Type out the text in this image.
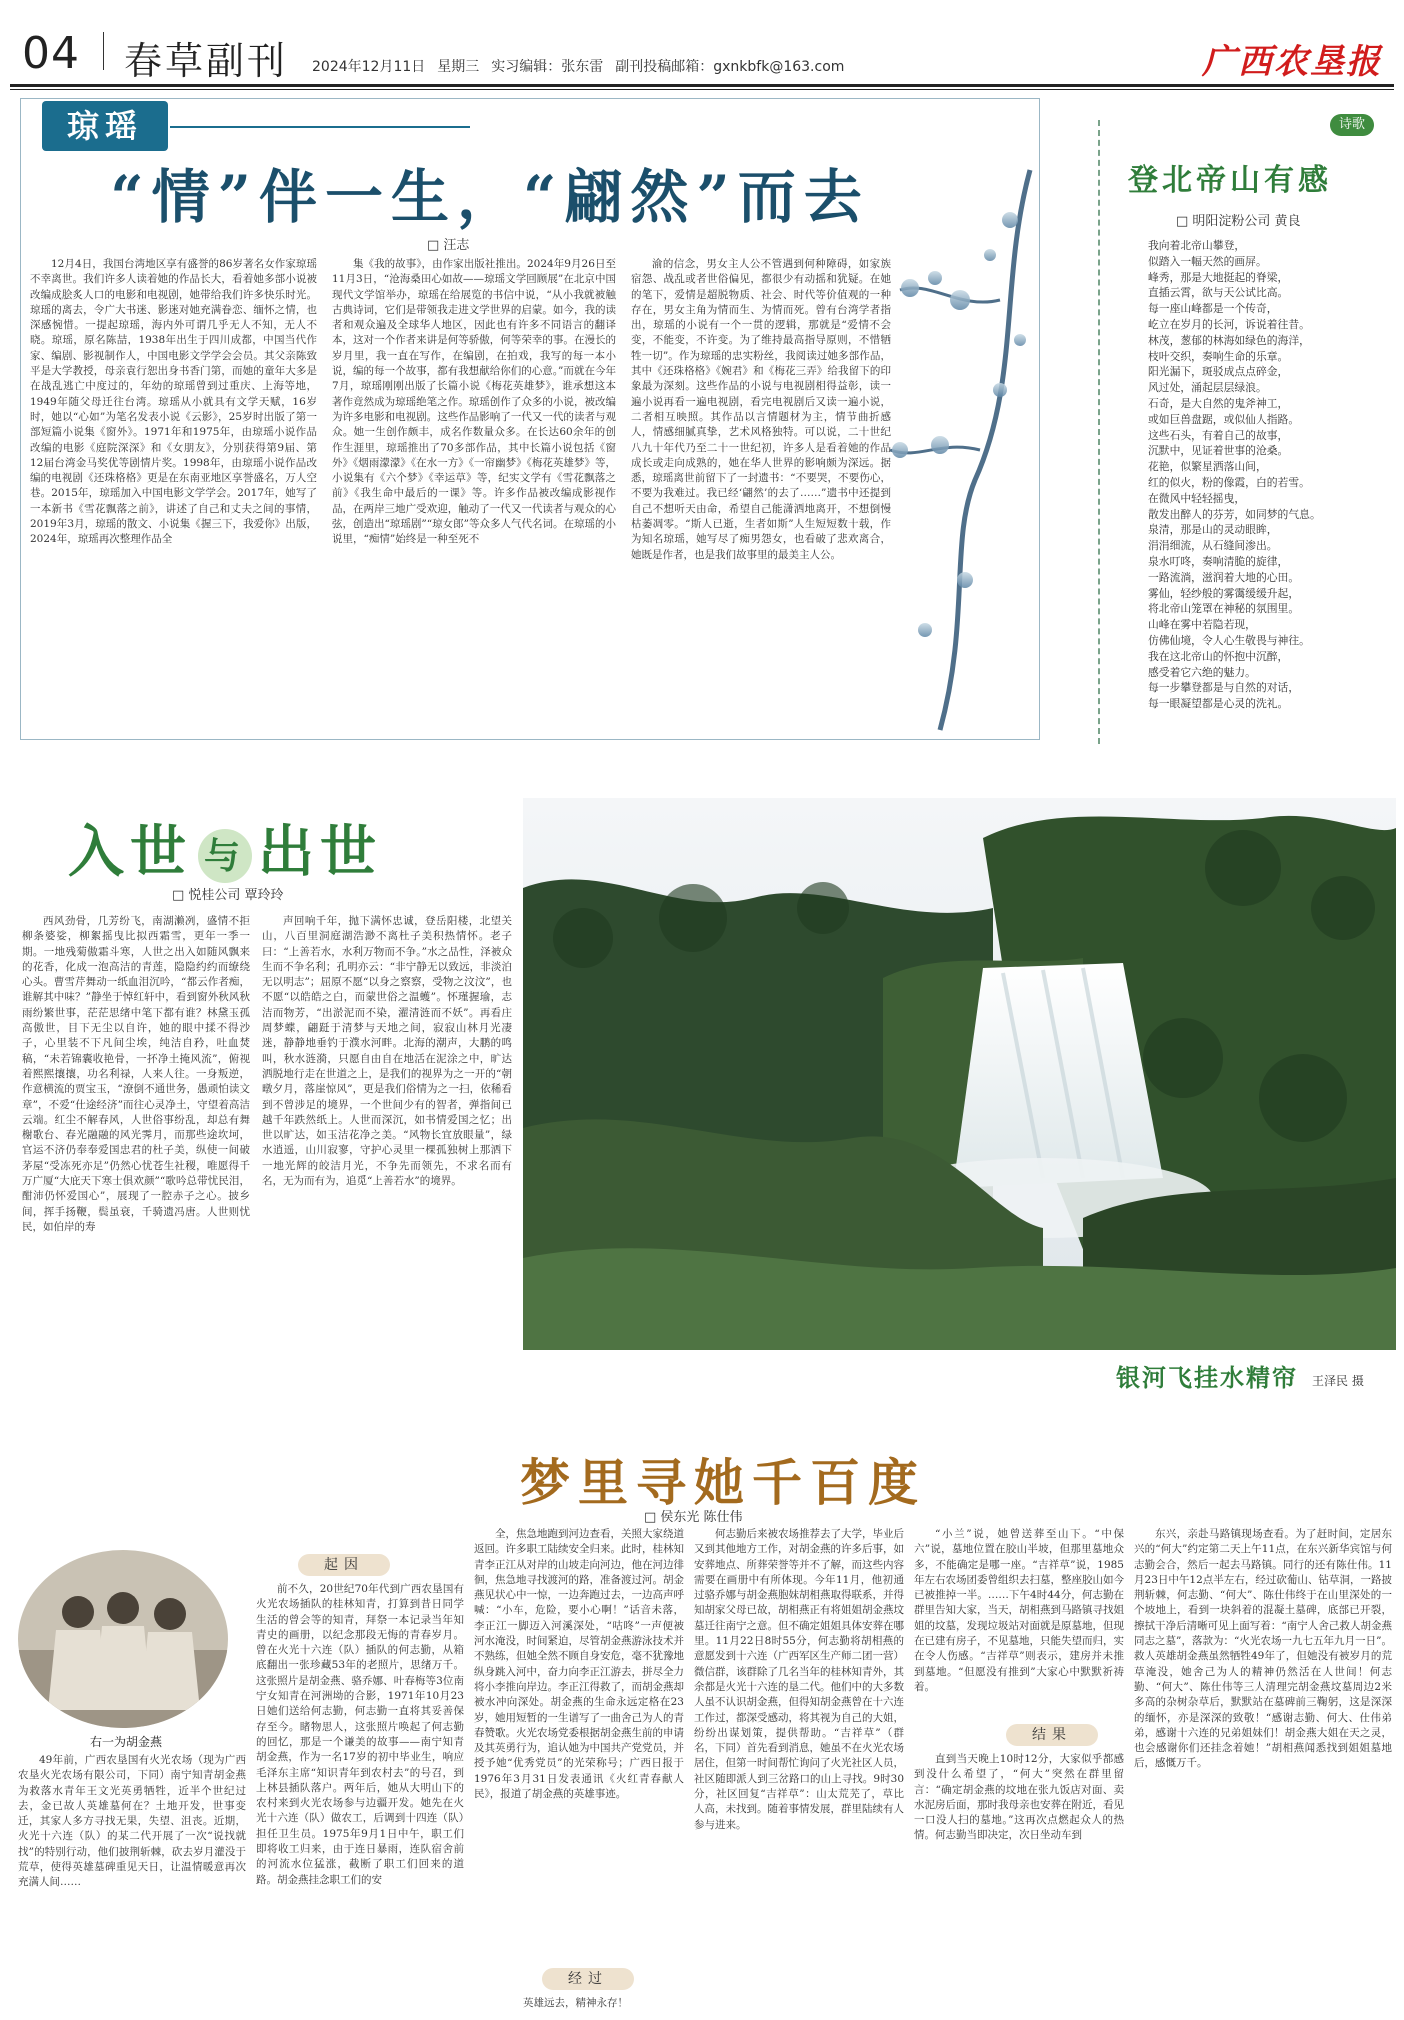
04 春草副刊 2024年12月11日 星期三 实习编辑：张东雷 副刊投稿邮箱：gxnkbfk@163.com	广西农垦报
琼瑶
“情”伴一生，“翩然”而去
□ 汪志

12月4日，我国台湾地区享有盛誉的86岁著名女作家琼瑶不幸离世。我们许多人读着她的作品长大，看着她多部小说被改编成脍炙人口的电影和电视剧，她带给我们许多快乐时光。琼瑶的离去，令广大书迷、影迷对她充满眷恋、缅怀之情，也深感惋惜。一提起琼瑶，海内外可谓几乎无人不知，无人不晓。琼瑶，原名陈喆，1938年出生于四川成都，中国当代作家、编剧、影视制作人，中国电影文学学会会员。其父亲陈致平是大学教授，母亲袁行恕出身书香门第，而她的童年大多是在战乱逃亡中度过的，年幼的琼瑶曾到过重庆、上海等地，1949年随父母迁往台湾。琼瑶从小就具有文学天赋，16岁时，她以“心如”为笔名发表小说《云影》，25岁时出版了第一部短篇小说集《窗外》。1971年和1975年，由琼瑶小说作品改编的电影《庭院深深》和《女朋友》，分别获得第9届、第12届台湾金马奖优等剧情片奖。1998年，由琼瑶小说作品改编的电视剧《还珠格格》更是在东南亚地区享誉盛名，万人空巷。2015年，琼瑶加入中国电影文学学会。2017年，她写了一本新书《雪花飘落之前》，讲述了自己和丈夫之间的事情，2019年3月，琼瑶的散文、小说集《握三下，我爱你》出版，2024年，琼瑶再次整理作品全

集《我的故事》，由作家出版社推出。2024年9月26日至11月3日，“沧海桑田心如故——琼瑶文学回顾展”在北京中国现代文学馆举办，琼瑶在给展览的书信中说，“从小我就被触古典诗词，它们是带领我走进文学世界的启蒙。如今，我的读者和观众遍及全球华人地区，因此也有许多不同语言的翻译本，这对一个作者来讲是何等骄傲，何等荣幸的事。在漫长的岁月里，我一直在写作，在编剧，在拍戏，我写的每一本小说，编的每一个故事，都有我想献给你们的心意。”而就在今年7月，琼瑶刚刚出版了长篇小说《梅花英雄梦》，谁承想这本著作竟然成为琼瑶绝笔之作。琼瑶创作了众多的小说，被改编为许多电影和电视剧。这些作品影响了一代又一代的读者与观众。她一生创作颇丰，成名作数量众多。在长达60余年的创作生涯里，琼瑶推出了70多部作品，其中长篇小说包括《窗外》《烟雨濛濛》《在水一方》《一帘幽梦》《梅花英雄梦》等，小说集有《六个梦》《幸运草》等，纪实文学有《雪花飘落之前》《我生命中最后的一课》等。许多作品被改编成影视作品，在两岸三地广受欢迎，触动了一代又一代读者与观众的心弦，创造出“琼瑶剧”“琼女郎”等众多人气代名词。在琼瑶的小说里，“痴情”始终是一种至死不

渝的信念，男女主人公不管遇到何种障碍，如家族宿怨、战乱或者世俗偏见，都很少有动摇和犹疑。在她的笔下，爱情是超脱物质、社会、时代等价值观的一种存在，男女主角为情而生、为情而死。曾有台湾学者指出，琼瑶的小说有一个一贯的逻辑，那就是“爱情不会变，不能变，不许变。为了维持最高指导原则，不惜牺牲一切”。作为琼瑶的忠实粉丝，我阅读过她多部作品，其中《还珠格格》《婉君》和《梅花三弄》给我留下的印象最为深刻。这些作品的小说与电视剧相得益彰，读一遍小说再看一遍电视剧，看完电视剧后又读一遍小说，二者相互映照。其作品以言情题材为主，情节曲折感人，情感细腻真挚，艺术风格独特。可以说，二十世纪八九十年代乃至二十一世纪初，许多人是看着她的作品成长或走向成熟的，她在华人世界的影响颇为深远。据悉，琼瑶离世前留下了一封遗书：“不要哭，不要伤心，不要为我难过。我已经‘翩然’的去了……”遗书中还提到自己不想听天由命，希望自己能潇洒地离开，不想倒慢枯萎凋零。“斯人已逝，生者如斯”人生短短数十载，作为知名琼瑶，她写尽了痴男怨女，也看破了悲欢离合，她既是作者，也是我们故事里的最美主人公。

诗歌
登北帝山有感
□ 明阳淀粉公司 黄良
我向着北帝山攀登，
似踏入一幅天然的画屏。
峰秀，那是大地挺起的脊梁，
直插云霄，欲与天公试比高。
每一座山峰都是一个传奇，
屹立在岁月的长河，诉说着往昔。
林茂，葱郁的林海如绿色的海洋，
枝叶交织，奏响生命的乐章。
阳光漏下，斑驳成点点碎金，
风过处，涌起层层绿浪。
石奇，是大自然的鬼斧神工，
或如巨兽盘踞，或似仙人指路。
这些石头，有着自己的故事，
沉默中，见证着世事的沧桑。
花艳，似繁星洒落山间，
红的似火，粉的像霞，白的若雪。
在微风中轻轻摇曳，
散发出醉人的芬芳，如同梦的气息。
泉清，那是山的灵动眼眸，
涓涓细流，从石缝间渗出。
泉水叮咚，奏响清脆的旋律，
一路流淌，滋润着大地的心田。
雾仙，轻纱般的雾霭缓缓升起，
将北帝山笼罩在神秘的氛围里。
山峰在雾中若隐若现，
仿佛仙境，令人心生敬畏与神往。
我在这北帝山的怀抱中沉醉，
感受着它六绝的魅力。
每一步攀登都是与自然的对话，
每一眼凝望都是心灵的洗礼。
入世 与 出世
□ 悦桂公司 覃玲玲

西风劲骨，几芳纷飞，南湖濑冽，盛情不拒柳条婆娑，柳絮摇曳比拟西霜雪，更年一季一期。一地残菊傲霜斗寒，人世之出入如随风飘来的花香，化成一泡高洁的青莲，隐隐约约而缭绕心头。曹雪芹舞动一纸血泪沉吟，“都云作者痴，谁解其中味？”静坐于悼红轩中，看到窗外秋风秋雨纷繁世事，茫茫思绪中笔下都有谁？林黛玉孤高傲世，目下无尘以自许，她的眼中揉不得沙子，心里装不下凡间尘埃，纯洁自矜，吐血焚稿，“未若锦囊收艳骨，一抔净土掩风流”，俯视着熙熙攘攘，功名利禄，人来人往。一身叛逆，作意横流的贾宝玉，“潦倒不通世务，愚顽怕读文章”，不爱“仕途经济”而往心灵净土，守望着高洁云端。红尘不解春风，人世俗事纷乱，却总有舞榭歌台、春光融融的风光霁月，而那些途坎坷，官运不济仍奉奉爱国忠君的杜子美，纵使一间破茅屋“受冻死亦足”仍然心忧苍生社稷，唯愿得千万广厦“大庇天下寒士俱欢颜”“歌吟总带忧民泪，酣沛仍怀爱国心”，展现了一腔赤子之心。披乡间，挥手扬鞭，鬓虽衰，千骑遗冯唐。人世则忧民，如伯岸的寿

声回响千年，抛下满怀忠诚，登岳阳楼，北望关山，八百里洞庭湖浩渺不离杜子美积热情怀。老子曰：“上善若水，水利万物而不争。”水之品性，泽被众生而不争名利；孔明亦云：“非宁静无以致远，非淡泊无以明志”；屈原不愿“以身之察察，受物之汶汶”，也不愿“以皓皓之白，而蒙世俗之温蠖”。怀瑾握瑜，志洁而物芳，“出淤泥而不染，濯清涟而不妖”。再看庄周梦蝶，翩跹于清梦与天地之间，寂寂山林月光凄迷，静静地垂钓于濮水河畔。北海的潮声，大鹏的鸣叫，秋水涟漪，只愿自由自在地活在泥涂之中，旷达洒脱地行走在世道之上，是我们的视界为之一开的“朝暾夕月，落崖惊风”，更是我们俗情为之一扫，依稀看到不曾涉足的境界，一个世间少有的智者，弹指间已越千年跌然纸上。人世而深沉，如书情爱国之忆；出世以旷达，如玉洁花净之美。“风物长宜放眼量”，绿水逍遥，山川寂寥，守护心灵里一棵孤独树上那洒下一地光辉的皎洁月光，不争先而领先，不求名而有名，无为而有为，追觅“上善若水”的境界。

银河飞挂水精帘 王泽民 摄
梦里寻她千百度
□ 侯东光 陈仕伟
右一为胡金燕

49年前，广西农垦国有火光农场（现为广西农垦火光农场有限公司，下同）南宁知青胡金燕为救落水青年王文光英勇牺牲，近半个世纪过去，金已故人英雄墓何在？土地开发，世事变迁，其家人多方寻找无果，失望、沮丧。近期，火光十六连（队）的某二代开展了一次“说找就找”的特别行动，他们披荆斩棘，砍去岁月灌没于荒草，使得英雄墓碑重见天日，让温情暖意再次充满人间……

起因

前不久，20世纪70年代到广西农垦国有火光农场插队的桂林知青，打算到昔日同学生活的曾会等的知青，拜祭一本记录当年知青史的画册，以纪念那段无悔的青春岁月。曾在火光十六连（队）插队的何志勤，从箱底翻出一张珍藏53年的老照片，思绪万千。这张照片是胡金燕、骆乔娜、叶春梅等3位南宁女知青在河洲坳的合影，1971年10月23日她们送给何志勤，何志勤一直将其妥善保存至今。睹物思人，这张照片唤起了何志勤的回忆，那是一个谦美的故事——南宁知青胡金燕，作为一名17岁的初中毕业生，响应毛泽东主席“知识青年到农村去”的号召，到上林县插队落户。两年后，她从大明山下的农村来到火光农场参与边疆开发。她先在火光十六连（队）做农工，后调到十四连（队）担任卫生员。1975年9月1日中午，职工们即将收工归来，由于连日暴雨，连队宿舍前的河流水位猛涨，截断了职工们回来的道路。胡金燕挂念职工们的安

全，焦急地跑到河边查看，关照大家绕道返回。许多职工陆续安全归来。此时，桂林知青李正江从对岸的山坡走向河边，他在河边徘徊，焦急地寻找渡河的路，准备渡过河。胡金燕见状心中一惊，一边奔跑过去，一边高声呼喊：“小车，危险，要小心啊！”话音未落，李正江一脚迈入河溪深处，“咕咚”一声便被河水淹没，时间紧迫，尽管胡金燕游泳技术并不熟练，但她全然不顾自身安危，毫不犹豫地纵身跳入河中，奋力向李正江游去，拼尽全力将小李推向岸边。李正江得救了，而胡金燕却被水冲向深处。胡金燕的生命永远定格在23岁，她用短暂的一生谱写了一曲舍己为人的青春赞歌。火光农场党委根据胡金燕生前的申请及其英勇行为，追认她为中国共产党党员，并授予她“优秀党员”的光荣称号；广西日报于1976年3月31日发表通讯《火红青春献人民》，报道了胡金燕的英雄事迹。

经过

英雄远去，精神永存！

何志勤后来被农场推荐去了大学，毕业后又到其他地方工作，对胡金燕的许多后事，如安葬地点、所葬荣誉等并不了解，而这些内容需要在画册中有所体现。今年11月，他初通过骆乔娜与胡金燕胞妹胡相燕取得联系，并得知胡家父母已故，胡相燕正有将姐姐胡金燕坟墓迁往南宁之意。但不确定姐姐具体安葬在哪里。11月22日8时55分，何志勤将胡相燕的意愿发到十六连（广西军区生产师二团一营）微信群，该群除了几名当年的桂林知青外，其余都是火光十六连的垦二代。他们中的大多数人虽不认识胡金燕，但得知胡金燕曾在十六连工作过，都深受感动，将其视为自己的大姐，纷纷出谋划策，提供帮助。“吉祥草”（群名，下同）首先看到消息，她虽不在火光农场居住，但第一时间帮忙询问了火光社区人员，社区随即派人到三岔路口的山上寻找。9时30分，社区回复“吉祥草”：山太荒芜了，草比人高，未找到。随着事情发展，群里陆续有人参与进来。

“小兰”说，她曾送葬至山下。“中保六”说，墓地位置在胶山半坡，但那里墓地众多，不能确定是哪一座。“吉祥草”说，1985年左右农场团委曾组织去扫墓，整座胶山如今已被推掉一半。……下午4时44分，何志勤在群里告知大家，当天，胡相燕到马路镇寻找姐姐的坟墓，发现垃圾站对面就是原墓地，但现在已建有房子，不见墓地，只能失望而归，实在令人伤感。“吉祥草”则表示，建房并未推到墓地。“但愿没有推到”大家心中默默祈祷着。

结果

直到当天晚上10时12分，大家似乎都感到没什么希望了，“何大”突然在群里留言：“确定胡金燕的坟地在张九饭店对面、卖水泥房后面，那时我母亲也安葬在附近，看见一口没人扫的墓地。”这再次点燃起众人的热情。何志勤当即决定，次日坐动车到

东兴，亲赴马路镇现场查看。为了赶时间，定居东兴的“何大”约定第二天上午11点，在东兴新华宾馆与何志勤会合，然后一起去马路镇。同行的还有陈仕伟。11月23日中午12点半左右，经过砍葡山、钻草洞，一路披荆斩棘，何志勤、“何大”、陈仕伟终于在山里深处的一个坡地上，看到一块斜着的混凝土墓碑，底部已开裂，擦拭干净后清晰可见上面写着：“南宁人舍己救人胡金燕同志之墓”，落款为：“火光农场一九七五年九月一日”。救人英雄胡金燕虽然牺牲49年了，但她没有被岁月的荒草淹没，她舍己为人的精神仍然活在人世间！何志勤、“何大”、陈仕伟等三人清理完胡金燕坟墓周边2米多高的杂树杂草后，默默站在墓碑前三鞠躬，这是深深的缅怀，亦是深深的致敬！“感谢志勤、何大、仕伟弟弟，感谢十六连的兄弟姐妹们！胡金燕大姐在天之灵，也会感谢你们还挂念着她！”胡相燕闻悉找到姐姐墓地后，感慨万千。
